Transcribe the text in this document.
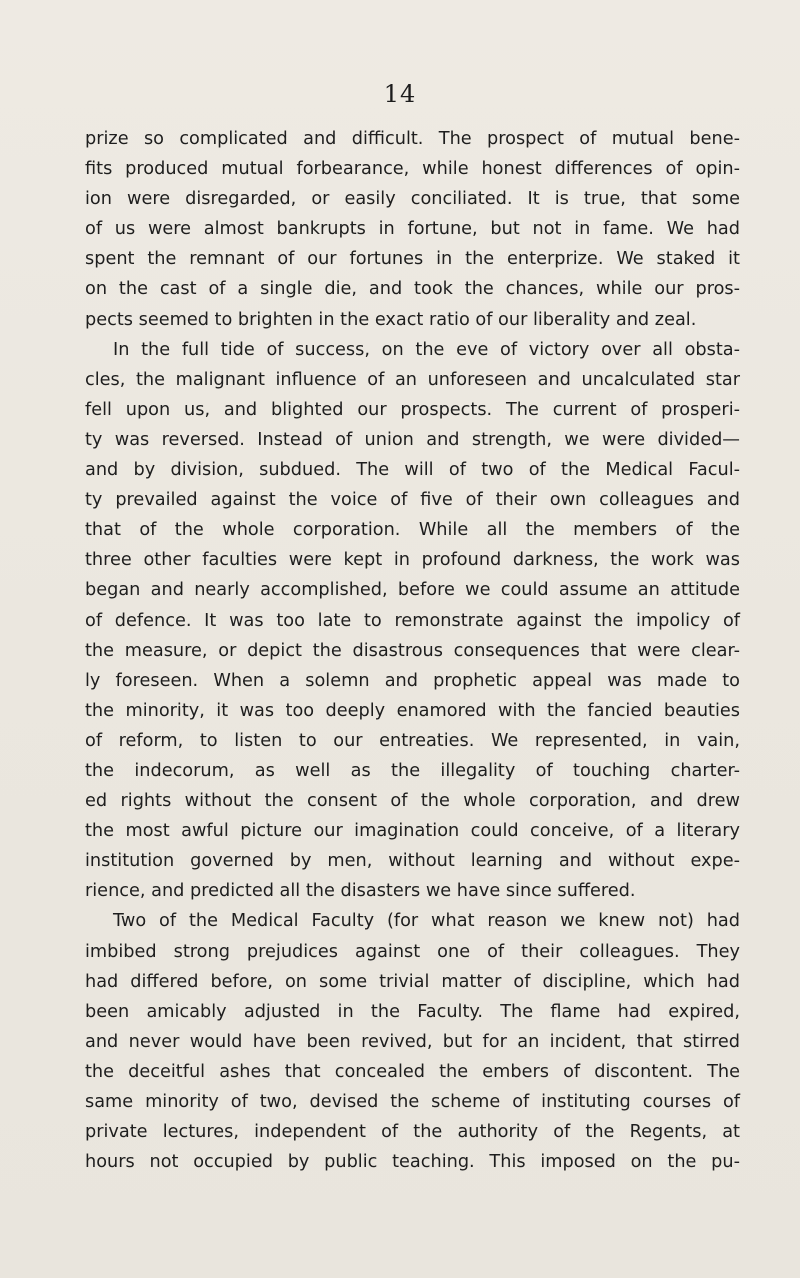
14
prize so complicated and difficult. The prospect of mutual bene-
fits produced mutual forbearance, while honest differences of opin-
ion were disregarded, or easily conciliated. It is true, that some
of us were almost bankrupts in fortune, but not in fame. We had
spent the remnant of our fortunes in the enterprize. We staked it
on the cast of a single die, and took the chances, while our pros-
pects seemed to brighten in the exact ratio of our liberality and zeal.
In the full tide of success, on the eve of victory over all obsta-
cles, the malignant influence of an unforeseen and uncalculated star
fell upon us, and blighted our prospects. The current of prosperi-
ty was reversed. Instead of union and strength, we were divided—
and by division, subdued. The will of two of the Medical Facul-
ty prevailed against the voice of five of their own colleagues and
that of the whole corporation. While all the members of the
three other faculties were kept in profound darkness, the work was
began and nearly accomplished, before we could assume an attitude
of defence. It was too late to remonstrate against the impolicy of
the measure, or depict the disastrous consequences that were clear-
ly foreseen. When a solemn and prophetic appeal was made to
the minority, it was too deeply enamored with the fancied beauties
of reform, to listen to our entreaties. We represented, in vain,
the indecorum, as well as the illegality of touching charter-
ed rights without the consent of the whole corporation, and drew
the most awful picture our imagination could conceive, of a literary
institution governed by men, without learning and without expe-
rience, and predicted all the disasters we have since suffered.
Two of the Medical Faculty (for what reason we knew not) had
imbibed strong prejudices against one of their colleagues. They
had differed before, on some trivial matter of discipline, which had
been amicably adjusted in the Faculty. The flame had expired,
and never would have been revived, but for an incident, that stirred
the deceitful ashes that concealed the embers of discontent. The
same minority of two, devised the scheme of instituting courses of
private lectures, independent of the authority of the Regents, at
hours not occupied by public teaching. This imposed on the pu-
